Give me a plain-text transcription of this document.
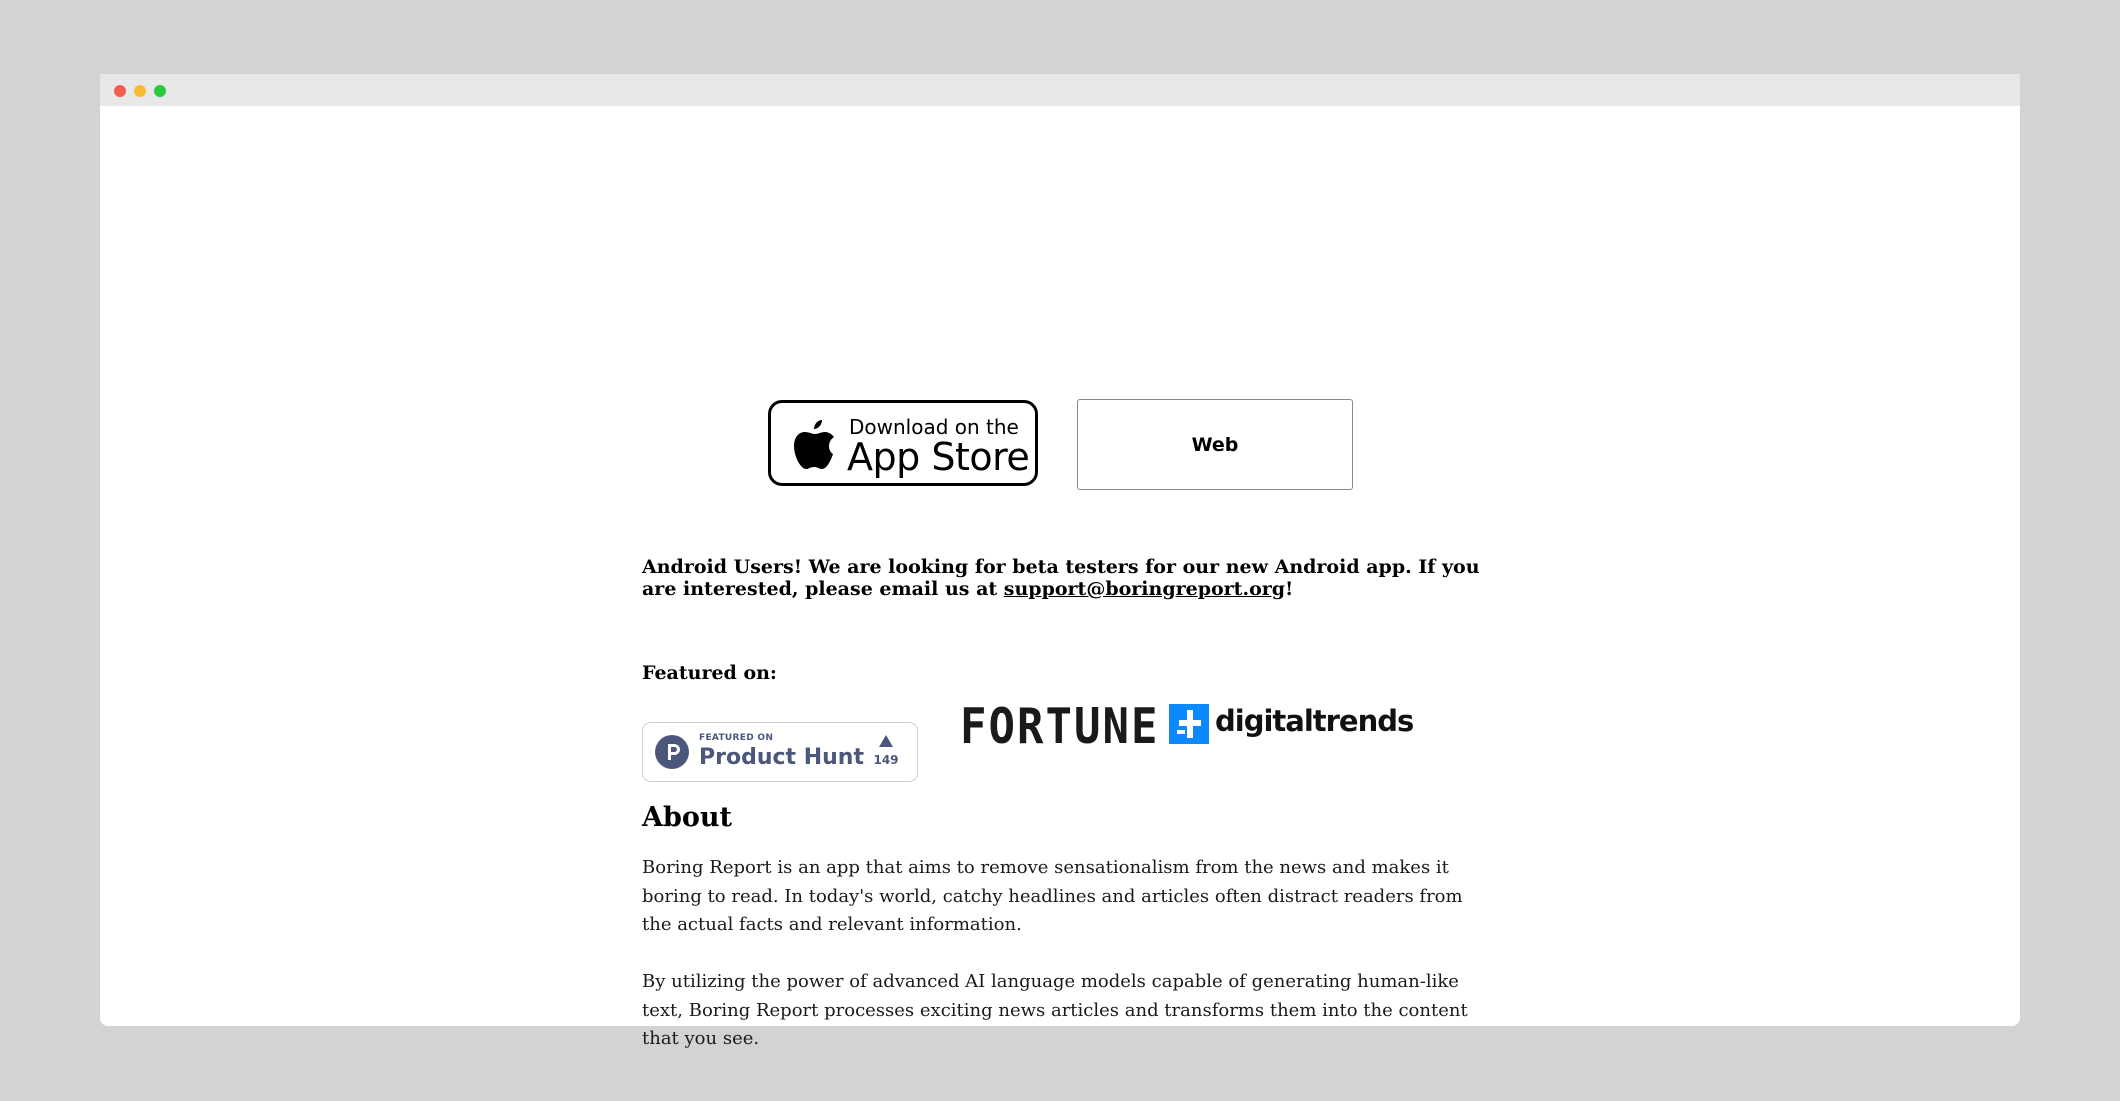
Download on the
App Store	Web

Android Users! We are looking for beta testers for our new Android app. If you are interested, please email us at support@boringreport.org!

Featured on:
FEATURED ON
Product Hunt 149
FORTUNE digitaltrends
About

Boring Report is an app that aims to remove sensationalism from the news and makes it boring to read. In today's world, catchy headlines and articles often distract readers from the actual facts and relevant information.

By utilizing the power of advanced AI language models capable of generating human-like text, Boring Report processes exciting news articles and transforms them into the content that you see.
